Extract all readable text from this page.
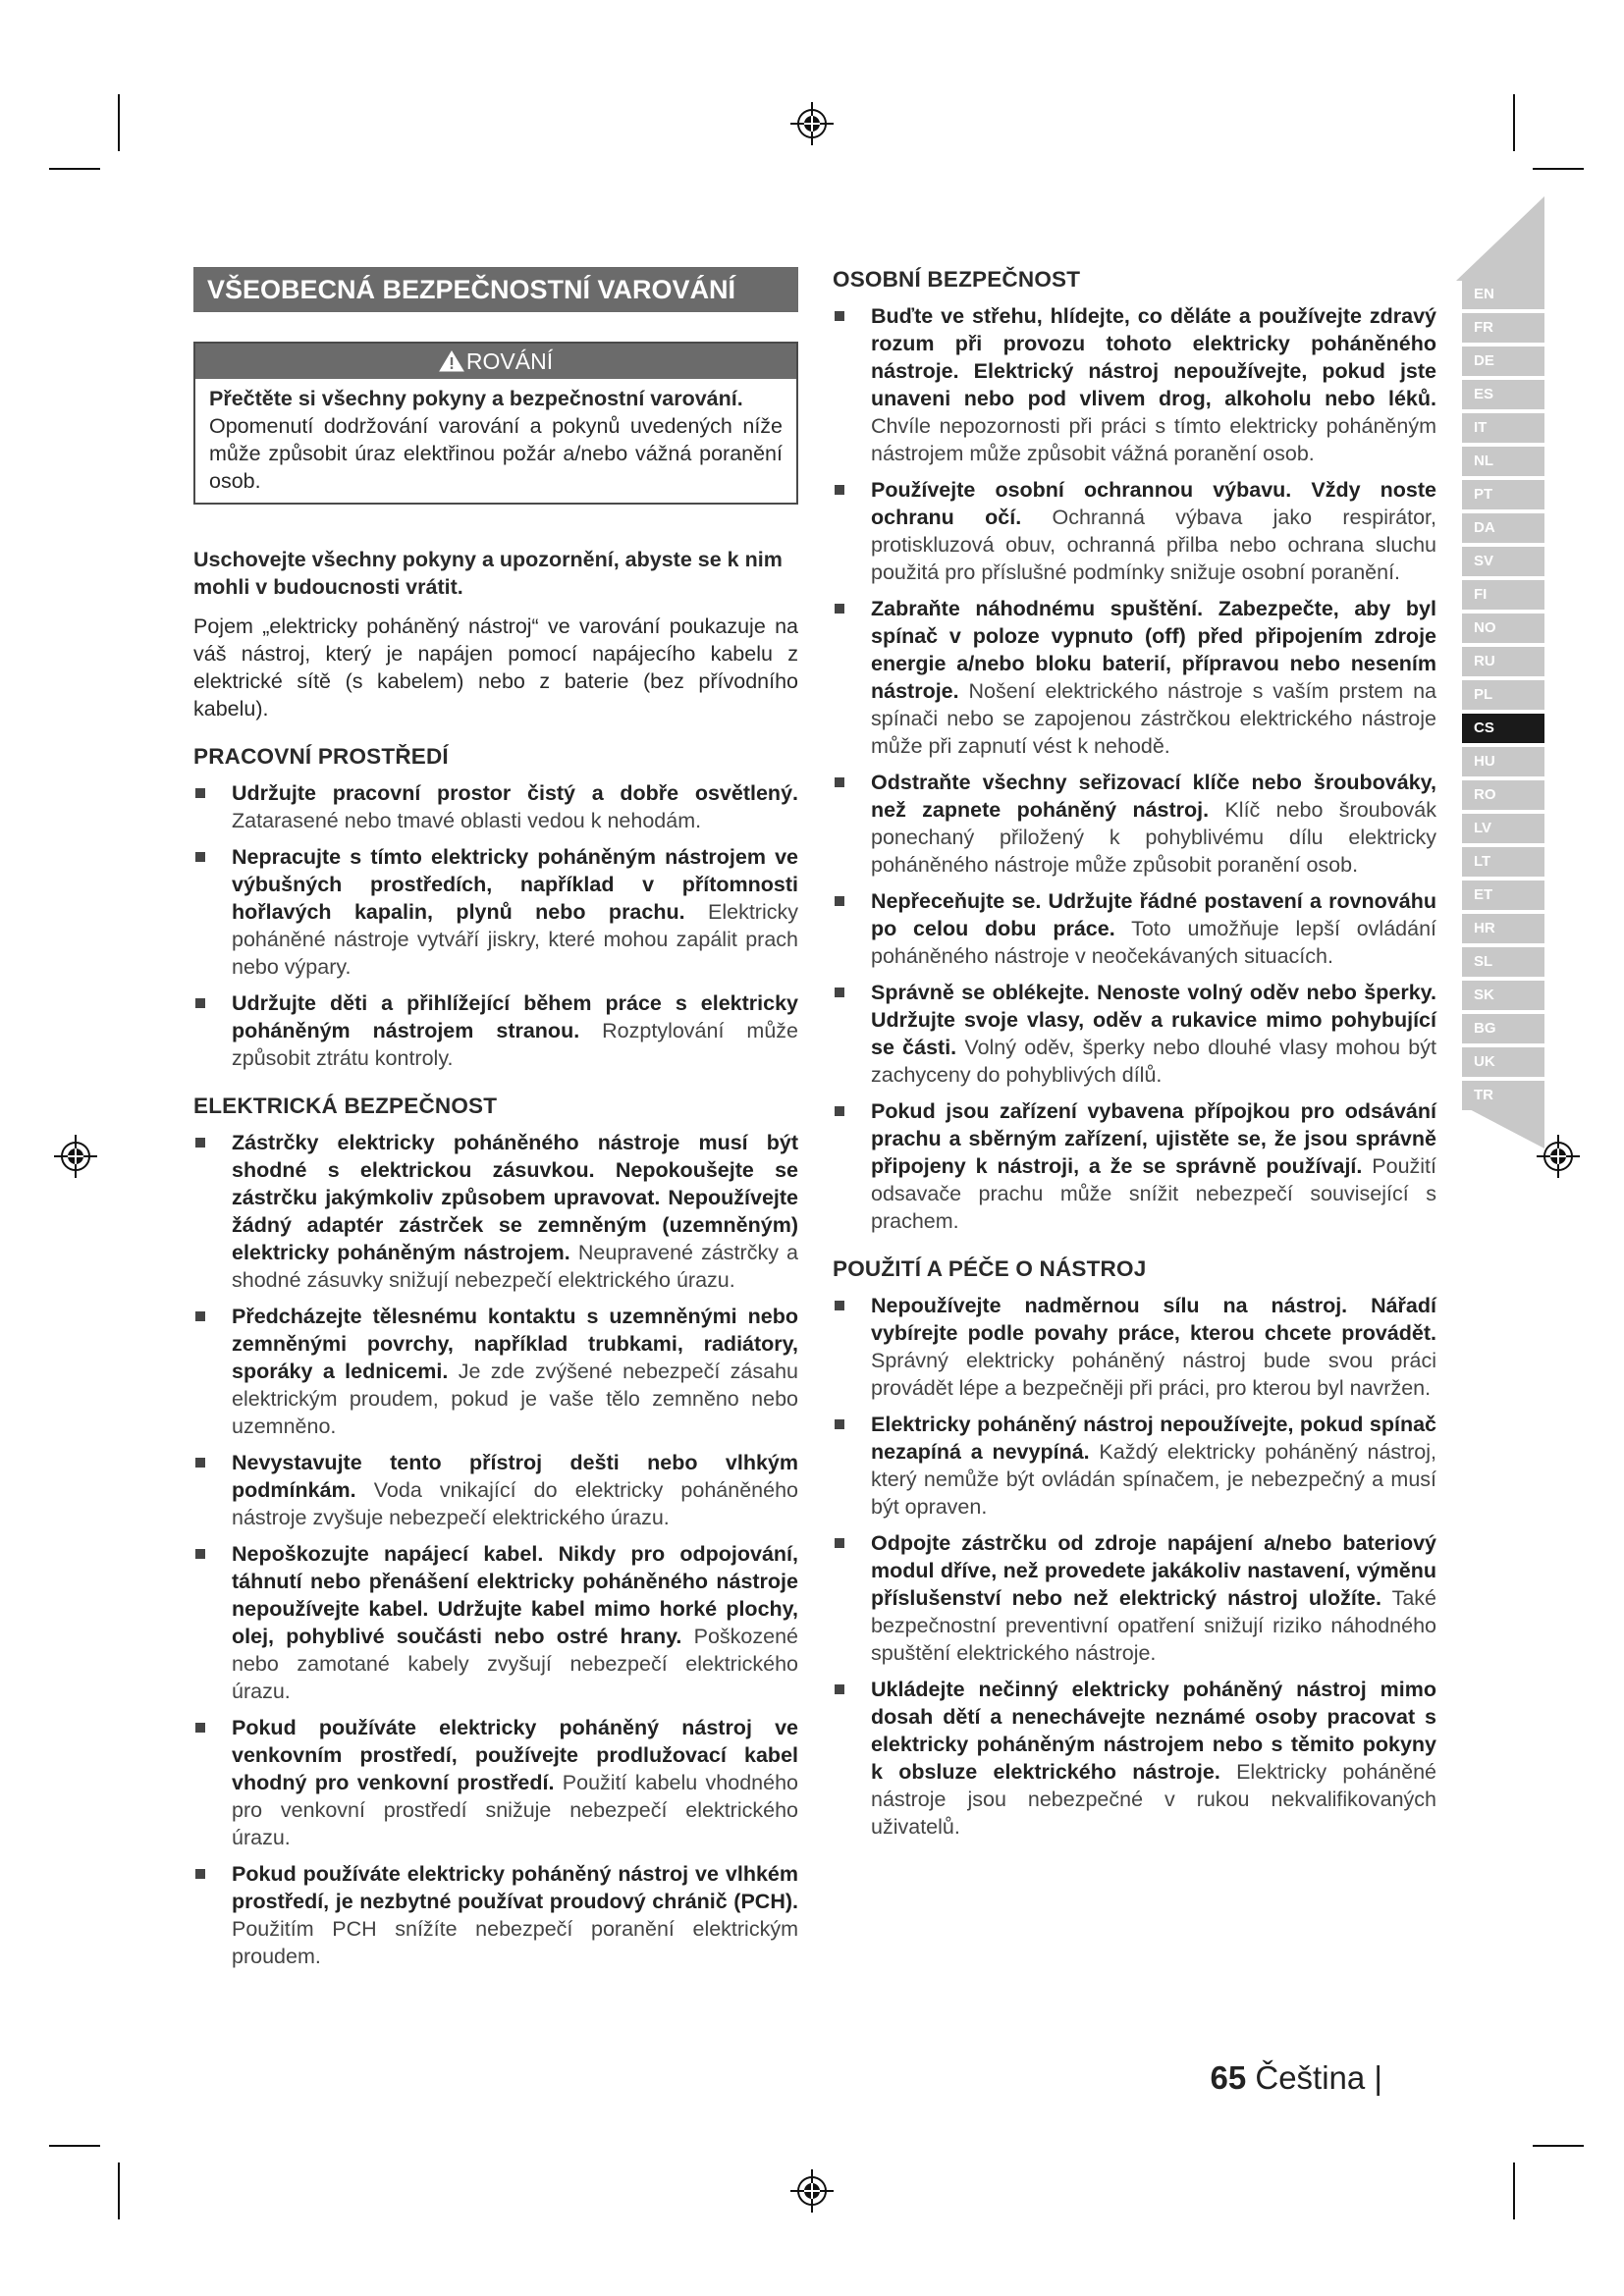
VŠEOBECNÁ BEZPEČNOSTNÍ VAROVÁNÍ
ROVÁNÍ
Přečtěte si všechny pokyny a bezpečnostní varování.
Opomenutí dodržování varování a pokynů uvedených níže může způsobit úraz elektřinou požár a/nebo vážná poranění osob.

Uschovejte všechny pokyny a upozornění, abyste se k nim mohli v budoucnosti vrátit.

Pojem „elektricky poháněný nástroj“ ve varování poukazuje na váš nástroj, který je napájen pomocí napájecího kabelu z elektrické sítě (s kabelem) nebo z baterie (bez přívodního kabelu).

PRACOVNÍ PROSTŘEDÍ
Udržujte pracovní prostor čistý a dobře osvětlený. Zatarasené nebo tmavé oblasti vedou k nehodám.
Nepracujte s tímto elektricky poháněným nástrojem ve výbušných prostředích, například v přítomnosti hořlavých kapalin, plynů nebo prachu. Elektricky poháněné nástroje vytváří jiskry, které mohou zapálit prach nebo výpary.
Udržujte děti a přihlížející během práce s elektricky poháněným nástrojem stranou. Rozptylování může způsobit ztrátu kontroly.
ELEKTRICKÁ BEZPEČNOST
Zástrčky elektricky poháněného nástroje musí být shodné s elektrickou zásuvkou. Nepokoušejte se zástrčku jakýmkoliv způsobem upravovat. Nepoužívejte žádný adaptér zástrček se zemněným (uzemněným) elektricky poháněným nástrojem. Neupravené zástrčky a shodné zásuvky snižují nebezpečí elektrického úrazu.
Předcházejte tělesnému kontaktu s uzemněnými nebo zemněnými povrchy, například trubkami, radiátory, sporáky a lednicemi. Je zde zvýšené nebezpečí zásahu elektrickým proudem, pokud je vaše tělo zemněno nebo uzemněno.
Nevystavujte tento přístroj dešti nebo vlhkým podmínkám. Voda vnikající do elektricky poháněného nástroje zvyšuje nebezpečí elektrického úrazu.
Nepoškozujte napájecí kabel. Nikdy pro odpojování, táhnutí nebo přenášení elektricky poháněného nástroje nepoužívejte kabel. Udržujte kabel mimo horké plochy, olej, pohyblivé součásti nebo ostré hrany. Poškozené nebo zamotané kabely zvyšují nebezpečí elektrického úrazu.
Pokud používáte elektricky poháněný nástroj ve venkovním prostředí, používejte prodlužovací kabel vhodný pro venkovní prostředí. Použití kabelu vhodného pro venkovní prostředí snižuje nebezpečí elektrického úrazu.
Pokud používáte elektricky poháněný nástroj ve vlhkém prostředí, je nezbytné používat proudový chránič (PCH). Použitím PCH snížíte nebezpečí poranění elektrickým proudem.
OSOBNÍ BEZPEČNOST
Buďte ve střehu, hlídejte, co děláte a používejte zdravý rozum při provozu tohoto elektricky poháněného nástroje. Elektrický nástroj nepoužívejte, pokud jste unaveni nebo pod vlivem drog, alkoholu nebo léků. Chvíle nepozornosti při práci s tímto elektricky poháněným nástrojem může způsobit vážná poranění osob.
Používejte osobní ochrannou výbavu. Vždy noste ochranu očí. Ochranná výbava jako respirátor, protiskluzová obuv, ochranná přilba nebo ochrana sluchu použitá pro příslušné podmínky snižuje osobní poranění.
Zabraňte náhodnému spuštění. Zabezpečte, aby byl spínač v poloze vypnuto (off) před připojením zdroje energie a/nebo bloku baterií, přípravou nebo nesením nástroje. Nošení elektrického nástroje s vaším prstem na spínači nebo se zapojenou zástrčkou elektrického nástroje může při zapnutí vést k nehodě.
Odstraňte všechny seřizovací klíče nebo šroubováky, než zapnete poháněný nástroj. Klíč nebo šroubovák ponechaný přiložený k pohyblivému dílu elektricky poháněného nástroje může způsobit poranění osob.
Nepřeceňujte se. Udržujte řádné postavení a rovnováhu po celou dobu práce. Toto umožňuje lepší ovládání poháněného nástroje v neočekávaných situacích.
Správně se oblékejte. Nenoste volný oděv nebo šperky. Udržujte svoje vlasy, oděv a rukavice mimo pohybující se části. Volný oděv, šperky nebo dlouhé vlasy mohou být zachyceny do pohyblivých dílů.
Pokud jsou zařízení vybavena přípojkou pro odsávání prachu a sběrným zařízení, ujistěte se, že jsou správně připojeny k nástroji, a že se správně používají. Použití odsavače prachu může snížit nebezpečí související s prachem.
POUŽITÍ A PÉČE O NÁSTROJ
Nepoužívejte nadměrnou sílu na nástroj. Nářadí vybírejte podle povahy práce, kterou chcete provádět. Správný elektricky poháněný nástroj bude svou práci provádět lépe a bezpečněji při práci, pro kterou byl navržen.
Elektricky poháněný nástroj nepoužívejte, pokud spínač nezapíná a nevypíná. Každý elektricky poháněný nástroj, který nemůže být ovládán spínačem, je nebezpečný a musí být opraven.
Odpojte zástrčku od zdroje napájení a/nebo bateriový modul dříve, než provedete jakákoliv nastavení, výměnu příslušenství nebo než elektrický nástroj uložíte. Také bezpečnostní preventivní opatření snižují riziko náhodného spuštění elektrického nástroje.
Ukládejte nečinný elektricky poháněný nástroj mimo dosah dětí a nenechávejte neznámé osoby pracovat s elektricky poháněným nástrojem nebo s těmito pokyny k obsluze elektrického nástroje. Elektricky poháněné nástroje jsou nebezpečné v rukou nekvalifikovaných uživatelů.
EN
FR
DE
ES
IT
NL
PT
DA
SV
FI
NO
RU
PL
CS
HU
RO
LV
LT
ET
HR
SL
SK
BG
UK
TR
65 Čeština |
